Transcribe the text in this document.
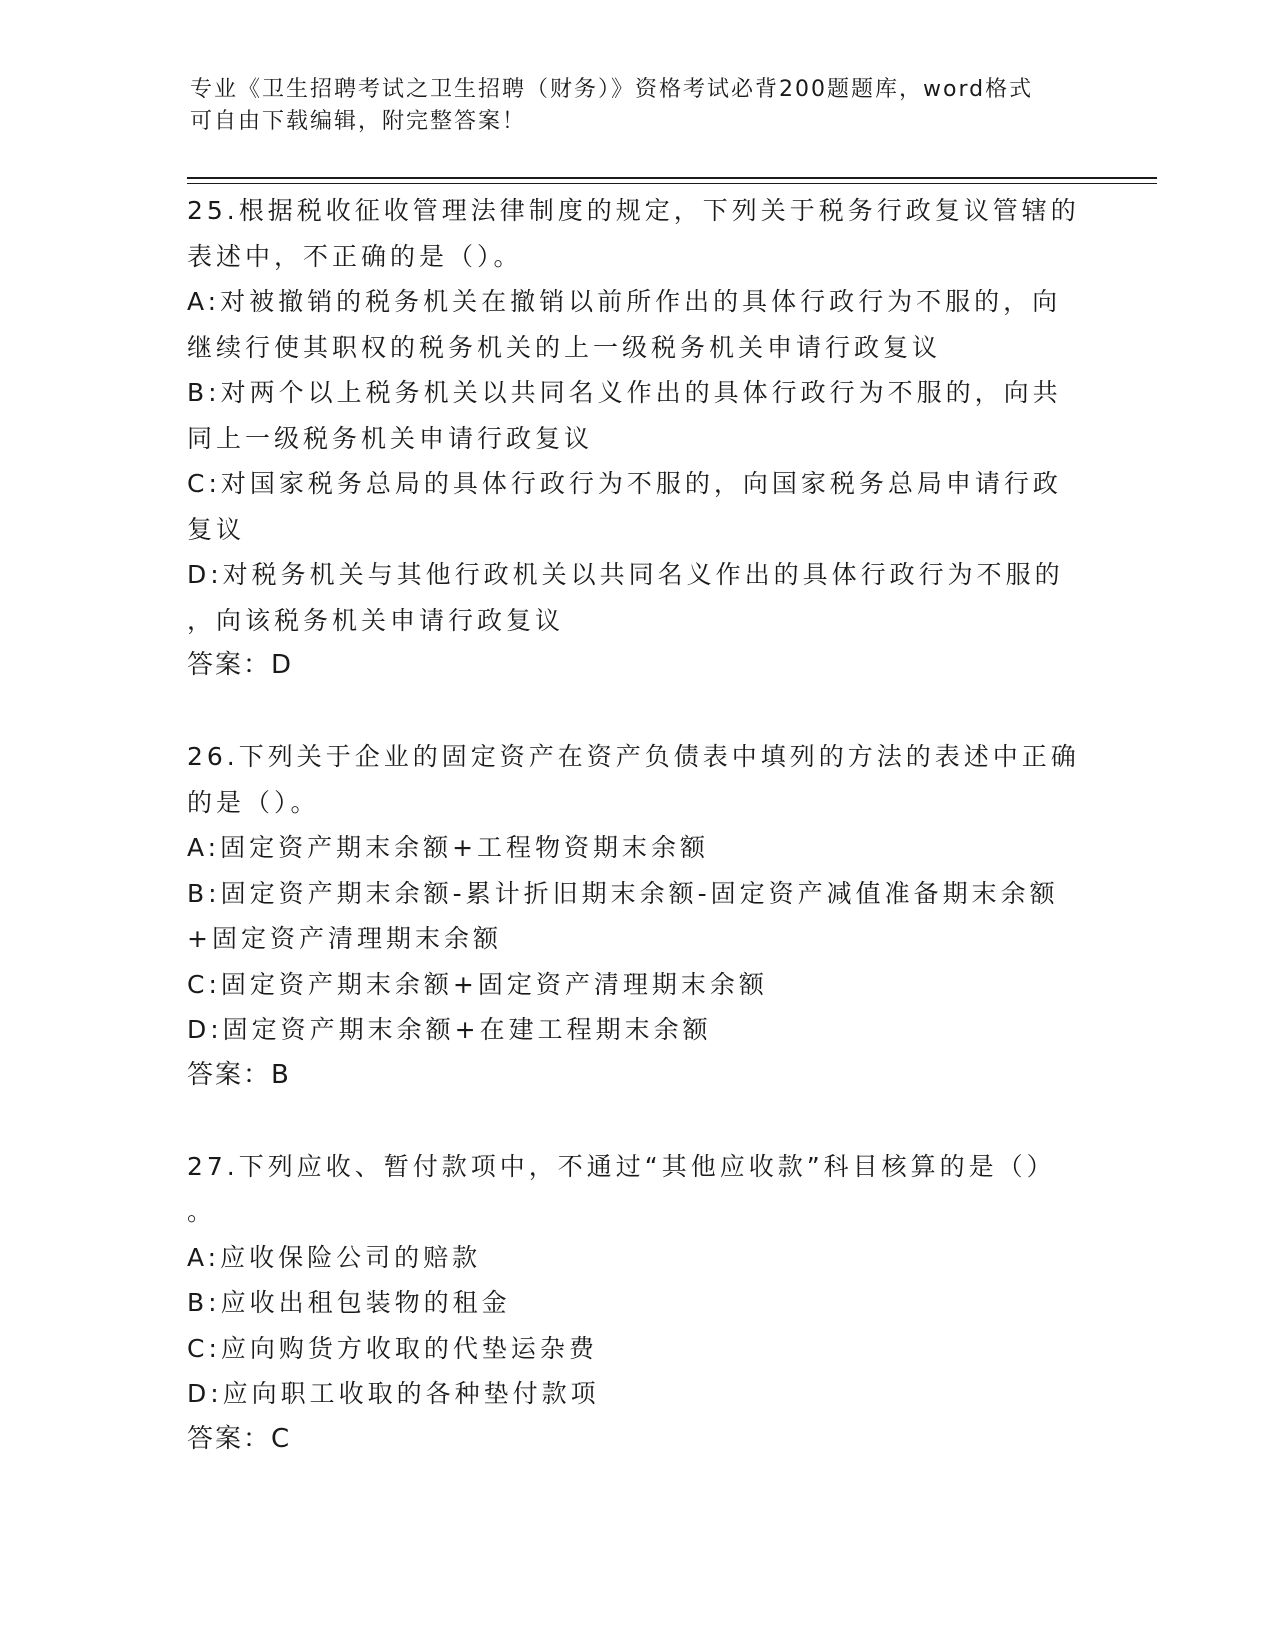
专业《卫生招聘考试之卫生招聘（财务）》资格考试必背200题题库，word格式
可自由下载编辑，附完整答案！
25.根据税收征收管理法律制度的规定，下列关于税务行政复议管辖的
表述中，不正确的是（）。
A:对被撤销的税务机关在撤销以前所作出的具体行政行为不服的，向
继续行使其职权的税务机关的上一级税务机关申请行政复议
B:对两个以上税务机关以共同名义作出的具体行政行为不服的，向共
同上一级税务机关申请行政复议
C:对国家税务总局的具体行政行为不服的，向国家税务总局申请行政
复议
D:对税务机关与其他行政机关以共同名义作出的具体行政行为不服的
，向该税务机关申请行政复议
答案：D
26.下列关于企业的固定资产在资产负债表中填列的方法的表述中正确
的是（）。
A:固定资产期末余额+工程物资期末余额
B:固定资产期末余额-累计折旧期末余额-固定资产减值准备期末余额
+固定资产清理期末余额
C:固定资产期末余额+固定资产清理期末余额
D:固定资产期末余额+在建工程期末余额
答案：B
27.下列应收、暂付款项中，不通过“其他应收款”科目核算的是（）
。
A:应收保险公司的赔款
B:应收出租包装物的租金
C:应向购货方收取的代垫运杂费
D:应向职工收取的各种垫付款项
答案：C
